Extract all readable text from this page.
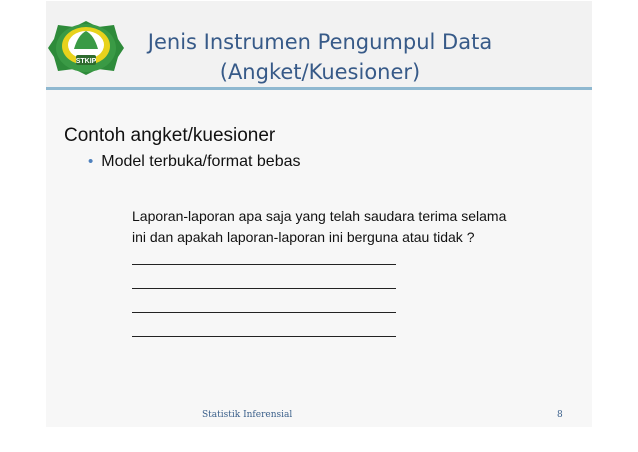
STKIP
Jenis Instrumen Pengumpul Data
(Angket/Kuesioner)
Contoh angket/kuesioner
• Model terbuka/format bebas
Laporan-laporan apa saja yang telah saudara terima selama
ini dan apakah laporan-laporan ini berguna atau tidak ?
Statistik Inferensial	8
